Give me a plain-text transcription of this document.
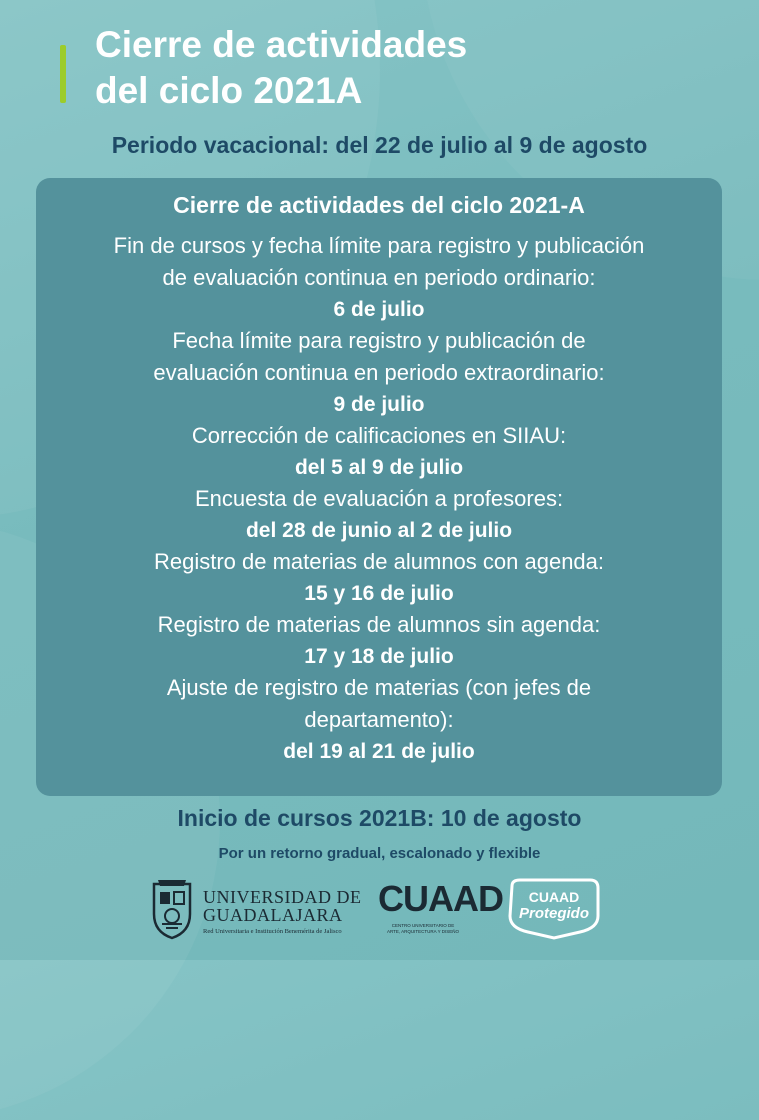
Cierre de actividades
del ciclo 2021A
Periodo vacacional: del 22 de julio al 9 de agosto
Cierre de actividades del ciclo 2021-A
Fin de cursos y fecha límite para registro y publicación
de evaluación continua en periodo ordinario:
6 de julio
Fecha límite para registro y publicación de
evaluación continua en periodo extraordinario:
9 de julio
Corrección de calificaciones en SIIAU:
del 5 al 9 de julio
Encuesta de evaluación a profesores:
del 28 de junio al 2 de julio
Registro de materias de alumnos con agenda:
15 y 16 de julio
Registro de materias de alumnos sin agenda:
17 y 18 de julio
Ajuste de registro de materias (con jefes de
departamento):
del 19 al 21 de julio
Inicio de cursos 2021B: 10 de agosto
Por un retorno gradual, escalonado y flexible
UNIVERSIDAD DE
GUADALAJARA
Red Universitaria e Institución Benemérita de Jalisco
CUAAD
CENTRO UNIVERSITARIO DE
ARTE, ARQUITECTURA Y DISEÑO
CUAAD
Protegido
